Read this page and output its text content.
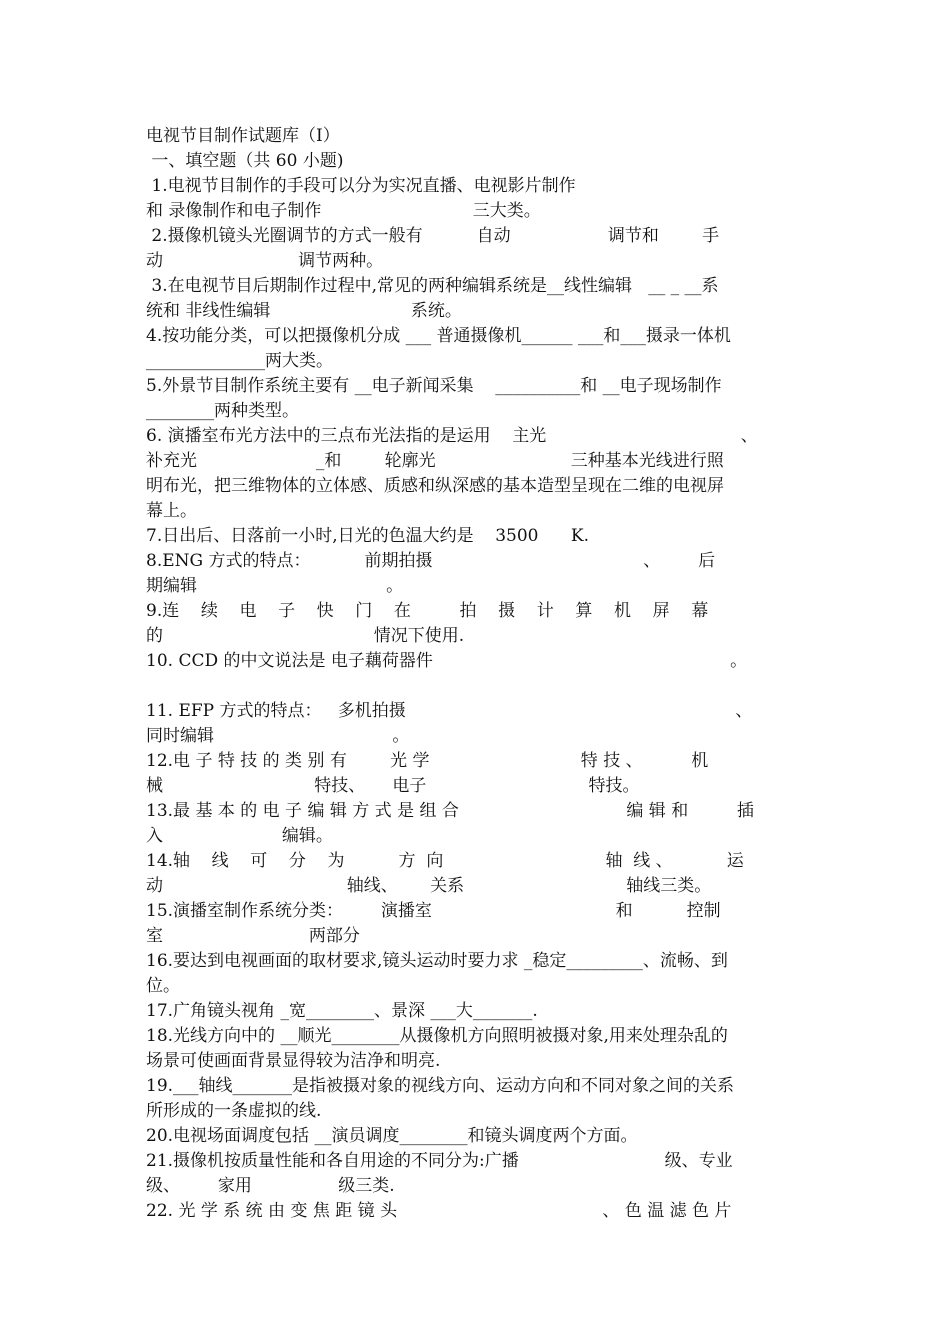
电视节目制作试题库（Ⅰ）
一、填空题（共 60 小题)
1.电视节目制作的手段可以分为实况直播、电视影片制作
和 录像制作和电子制作                            三大类。
2.摄像机镜头光圈调节的方式一般有          自动                  调节和        手
动                         调节两种。
3.在电视节目后期制作过程中,常见的两种编辑系统是__线性编辑   __ _ __系
统和 非线性编辑                          系统。
4.按功能分类，可以把摄像机分成 ___ 普通摄像机______ ___和___摄录一体机
______________两大类。
5.外景节目制作系统主要有 __电子新闻采集    __________和 __电子现场制作
________两种类型。
6. 演播室布光方法中的三点布光法指的是运用    主光                                    、
补充光                      _和        轮廓光                         三种基本光线进行照
明布光，把三维物体的立体感、质感和纵深感的基本造型呈现在二维的电视屏
幕上。
7.日出后、日落前一小时,日光的色温大约是    3500      K.
8.ENG 方式的特点：          前期拍摄                                       、       后
期编辑                                   。
9.连    续    电    子    快    门    在         拍    摄    计    算    机    屏    幕
的                                       情况下使用.
10. CCD 的中文说法是 电子藕荷器件                                                       。
11. EFP 方式的特点：   多机拍摄                                                             、
同时编辑                                 。
12.电 子 特 技 的 类 别 有        光 学                            特 技 、         机
械                            特技、     电子                              特技。
13.最 基 本 的 电 子 编 辑 方 式 是 组 合                               编 辑 和         插
入                      编辑。
14.轴    线    可    分    为          方  向                              轴  线 、          运
动                                  轴线、      关系                              轴线三类。
15.演播室制作系统分类：       演播室                                  和          控制
室                           两部分
16.要达到电视画面的取材要求,镜头运动时要力求 _稳定_________、流畅、到
位。
17.广角镜头视角 _宽________、景深 ___大_______.
18.光线方向中的 __顺光________从摄像机方向照明被摄对象,用来处理杂乱的
场景可使画面背景显得较为洁净和明亮.
19.___轴线_______是指被摄对象的视线方向、运动方向和不同对象之间的关系
所形成的一条虚拟的线.
20.电视场面调度包括 __演员调度________和镜头调度两个方面。
21.摄像机按质量性能和各自用途的不同分为:广播                           级、专业
级、       家用                级三类.
22. 光 学 系 统 由 变 焦 距 镜 头                                      、 色 温 滤 色 片
